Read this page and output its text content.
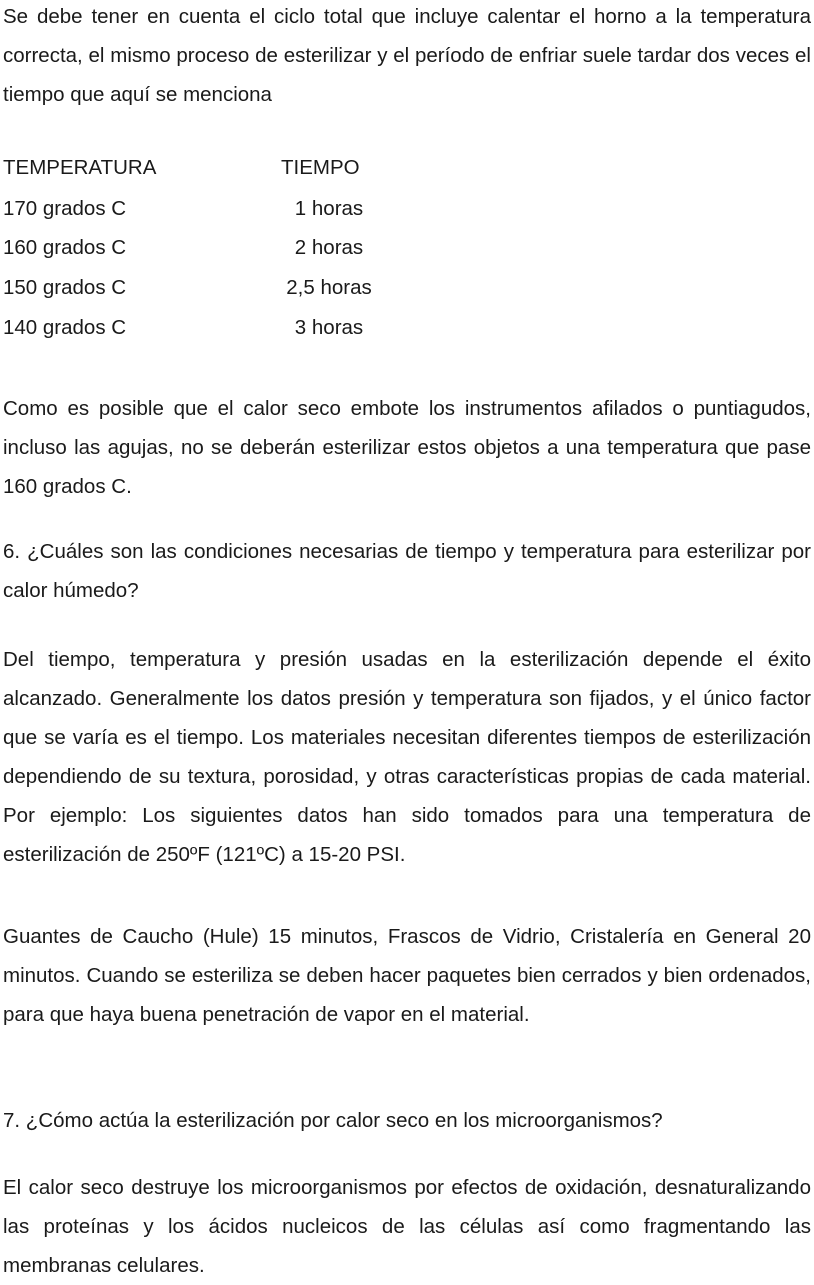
Se debe tener en cuenta el ciclo total que incluye calentar el horno a la temperatura correcta, el mismo proceso de esterilizar y el período de enfriar suele tardar dos veces el tiempo que aquí se menciona

TEMPERATURA	TIEMPO
170 grados C	1 horas
160 grados C	2 horas
150 grados C	2,5 horas
140 grados C	3 horas

Como es posible que el calor seco embote los instrumentos afilados o puntiagudos, incluso las agujas, no se deberán esterilizar estos objetos a una temperatura que pase 160 grados C.

6. ¿Cuáles son las condiciones necesarias de tiempo y temperatura para esterilizar por calor húmedo?

Del tiempo, temperatura y presión usadas en la esterilización depende el éxito alcanzado. Generalmente los datos presión y temperatura son fijados, y el único factor que se varía es el tiempo. Los materiales necesitan diferentes tiempos de esterilización dependiendo de su textura, porosidad, y otras características propias de cada material. Por ejemplo: Los siguientes datos han sido tomados para una temperatura de esterilización de 250ºF (121ºC) a 15-20 PSI.

Guantes de Caucho (Hule) 15 minutos, Frascos de Vidrio, Cristalería en General 20 minutos. Cuando se esteriliza se deben hacer paquetes bien cerrados y bien ordenados, para que haya buena penetración de vapor en el material.

7. ¿Cómo actúa la esterilización por calor seco en los microorganismos?

El calor seco destruye los microorganismos por efectos de oxidación, desnaturalizando las proteínas y los ácidos nucleicos de las células así como fragmentando las membranas celulares.
